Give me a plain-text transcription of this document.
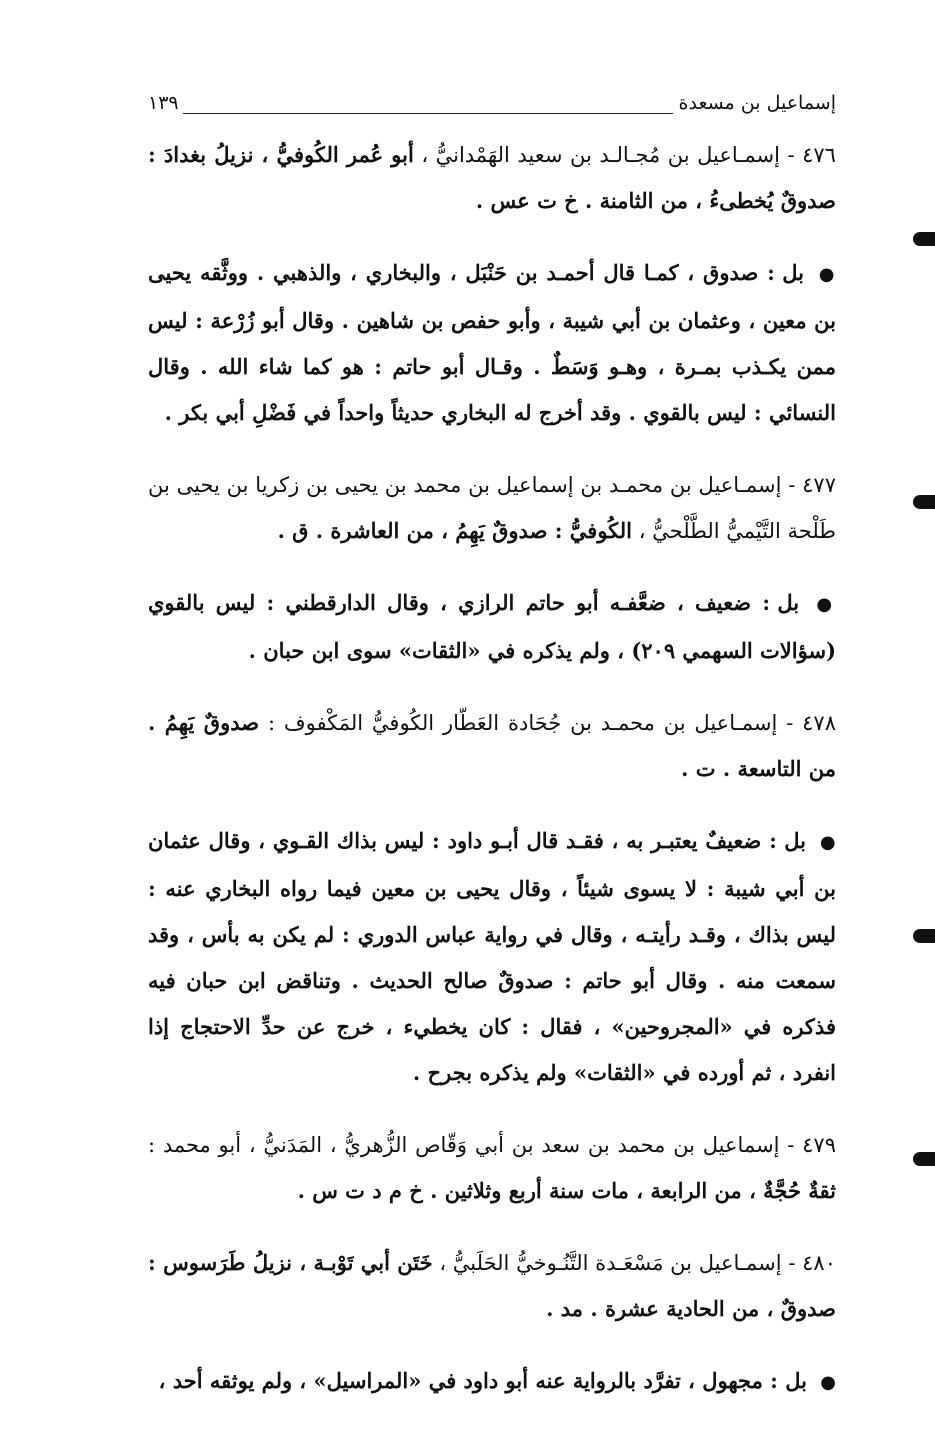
إسماعيل بن مسعدة
١٣٩

٤٧٦ - إسمـاعيل بن مُجـالـد بن سعيد الهَمْدانيُّ ، أبو عُمر الكُوفيُّ ، نزيلُ بغدادَ : صدوقٌ يُخطىءُ ، من الثامنة . خ ت عس .

● بل : صدوق ، كمـا قال أحمـد بن حَنْبَل ، والبخاري ، والذهبي . ووثَّقه يحيى بن معين ، وعثمان بن أبي شيبة ، وأبو حفص بن شاهين . وقال أبو زُرْعة : ليس ممن يكـذب بمـرة ، وهـو وَسَطٌ . وقـال أبو حاتم : هو كما شاء الله . وقال النسائي : ليس بالقوي . وقد أخرج له البخاري حديثاً واحداً في فَضْلِ أبي بكر .

٤٧٧ - إسمـاعيل بن محمـد بن إسماعيل بن محمد بن يحيى بن زكريا بن يحيى بن طَلْحة التَّيْميُّ الطَّلْحيُّ ، الكُوفيُّ : صدوقٌ يَهِمُ ، من العاشرة . ق .

● بل : ضعيف ، ضعَّفـه أبو حاتم الرازي ، وقال الدارقطني : ليس بالقوي (سؤالات السهمي ٢٠٩) ، ولم يذكره في «الثقات» سوى ابن حبان .

٤٧٨ - إسمـاعيل بن محمـد بن جُحَادة العَطّار الكُوفيُّ المَكْفوف : صدوقٌ يَهِمُ . من التاسعة . ت .

● بل : ضعيفٌ يعتبـر به ، فقـد قال أبـو داود : ليس بذاك القـوي ، وقال عثمان بن أبي شيبة : لا يسوى شيئاً ، وقال يحيى بن معين فيما رواه البخاري عنه : ليس بذاك ، وقـد رأيتـه ، وقال في رواية عباس الدوري : لم يكن به بأس ، وقد سمعت منه . وقال أبو حاتم : صدوقٌ صالح الحديث . وتناقض ابن حبان فيه فذكره في «المجروحين» ، فقال : كان يخطيء ، خرج عن حدِّ الاحتجاج إذا انفرد ، ثم أورده في «الثقات» ولم يذكره بجرح .

٤٧٩ - إسماعيل بن محمد بن سعد بن أبي وَقّاص الزُّهريُّ ، المَدَنيُّ ، أبو محمد : ثقةٌ حُجَّةٌ ، من الرابعة ، مات سنة أربع وثلاثين . خ م د ت س .

٤٨٠ - إسمـاعيل بن مَسْعَـدة التَّنُـوخيُّ الحَلَبيُّ ، خَتَن أبي تَوْبـة ، نزيلُ طَرَسوس : صدوقٌ ، من الحادية عشرة . مد .

● بل : مجهول ، تفرَّد بالرواية عنه أبو داود في «المراسيل» ، ولم يوثقه أحد ،
